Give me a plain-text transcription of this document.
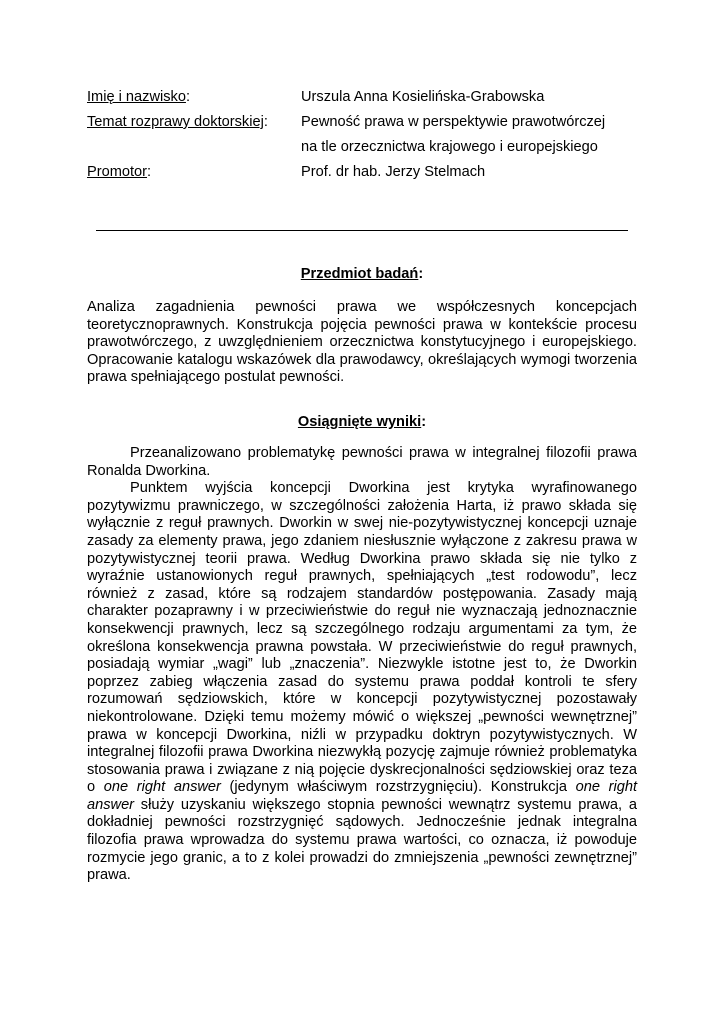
Imię i nazwisko:	Urszula Anna Kosielińska-Grabowska
Temat rozprawy doktorskiej:	Pewność prawa w perspektywie prawotwórczej
na tle orzecznictwa krajowego i europejskiego
Promotor:	Prof. dr hab. Jerzy Stelmach
Przedmiot badań:

Analiza zagadnienia pewności prawa we współczesnych koncepcjach teoretycznoprawnych. Konstrukcja pojęcia pewności prawa w kontekście procesu prawotwórczego, z uwzględnieniem orzecznictwa konstytucyjnego i europejskiego. Opracowanie katalogu wskazówek dla prawodawcy, określających wymogi tworzenia prawa spełniającego postulat pewności.

Osiągnięte wyniki:

Przeanalizowano problematykę pewności prawa w integralnej filozofii prawa Ronalda Dworkina.

Punktem wyjścia koncepcji Dworkina jest krytyka wyrafinowanego pozytywizmu prawniczego, w szczególności założenia Harta, iż prawo składa się wyłącznie z reguł prawnych. Dworkin w swej nie-pozytywistycznej koncepcji uznaje zasady za elementy prawa, jego zdaniem niesłusznie wyłączone z zakresu prawa w pozytywistycznej teorii prawa. Według Dworkina prawo składa się nie tylko z wyraźnie ustanowionych reguł prawnych, spełniających „test rodowodu”, lecz również z zasad, które są rodzajem standardów postępowania. Zasady mają charakter pozaprawny i w przeciwieństwie do reguł nie wyznaczają jednoznacznie konsekwencji prawnych, lecz są szczególnego rodzaju argumentami za tym, że określona konsekwencja prawna powstała. W przeciwieństwie do reguł prawnych, posiadają wymiar „wagi” lub „znaczenia”. Niezwykle istotne jest to, że Dworkin poprzez zabieg włączenia zasad do systemu prawa poddał kontroli te sfery rozumowań sędziowskich, które w koncepcji pozytywistycznej pozostawały niekontrolowane. Dzięki temu możemy mówić o większej „pewności wewnętrznej” prawa w koncepcji Dworkina, niźli w przypadku doktryn pozytywistycznych. W integralnej filozofii prawa Dworkina niezwykłą pozycję zajmuje również problematyka stosowania prawa i związane z nią pojęcie dyskrecjonalności sędziowskiej oraz teza o one right answer (jedynym właściwym rozstrzygnięciu). Konstrukcja one right answer służy uzyskaniu większego stopnia pewności wewnątrz systemu prawa, a dokładniej pewności rozstrzygnięć sądowych. Jednocześnie jednak integralna filozofia prawa wprowadza do systemu prawa wartości, co oznacza, iż powoduje rozmycie jego granic, a to z kolei prowadzi do zmniejszenia „pewności zewnętrznej” prawa.
